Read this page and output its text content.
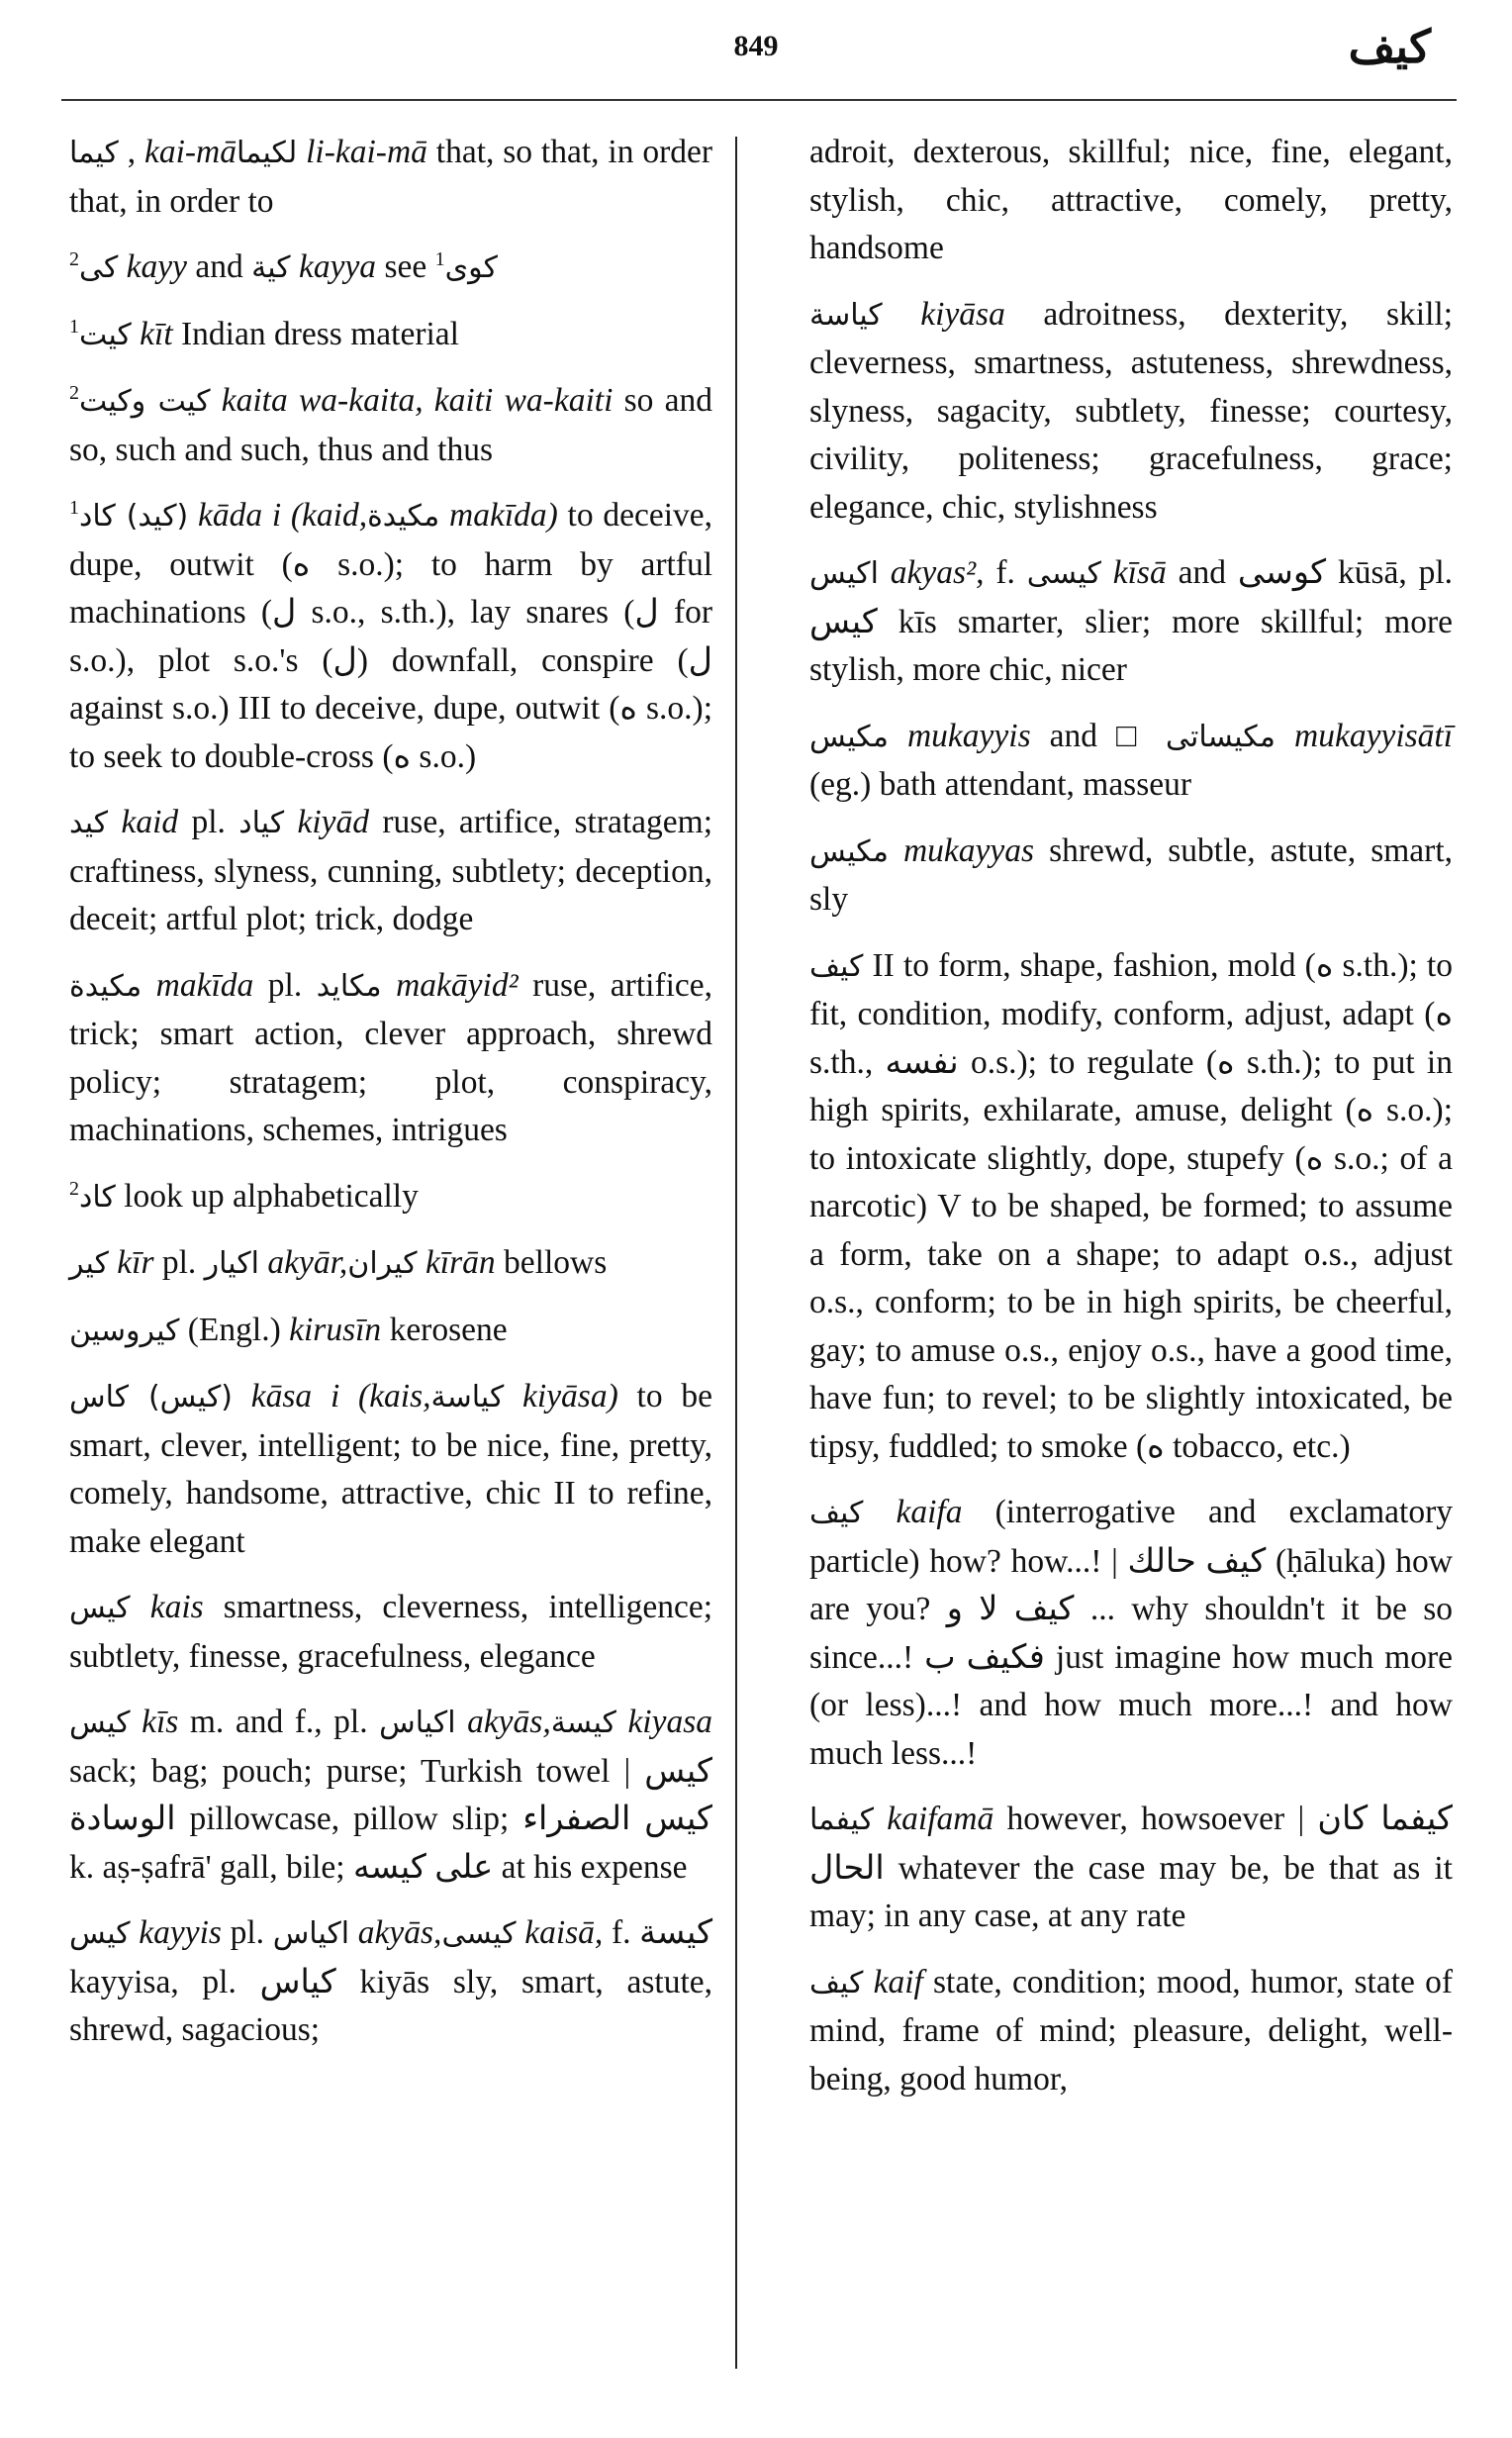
849	كيف
كيما , kai-māلكيما li-kai-mā that, so that, in order that, in order to
$^2$كى kayy and كية kayya see $^1$كوى
$^1$كيت kīt Indian dress material
$^2$كيت وكيت kaita wa-kaita, kaiti wa-kaiti so and so, such and such, thus and thus
$^1$(كيد) كاد kāda i (kaid,مكيدة makīda) to deceive, dupe, outwit (ه s.o.); to harm by artful machinations (ل s.o., s.th.), lay snares (ل for s.o.), plot s.o.'s (ل) downfall, conspire (ل against s.o.) III to deceive, dupe, outwit (ه s.o.); to seek to double-cross (ه s.o.)
كيد kaid pl. كياد kiyād ruse, artifice, stratagem; craftiness, slyness, cunning, subtlety; deception, deceit; artful plot; trick, dodge
مكيدة makīda pl. مكايد makāyid² ruse, artifice, trick; smart action, clever approach, shrewd policy; stratagem; plot, conspiracy, machinations, schemes, intrigues
$^2$كاد look up alphabetically
كير kīr pl. اكيار akyār,كيران kīrān bellows
كيروسين (Engl.) kirusīn kerosene
(كيس) كاس kāsa i (kais,كياسة kiyāsa) to be smart, clever, intelligent; to be nice, fine, pretty, comely, handsome, attractive, chic II to refine, make elegant
كيس kais smartness, cleverness, intelligence; subtlety, finesse, gracefulness, elegance
كيس kīs m. and f., pl. اكياس akyās,كيسة kiyasa sack; bag; pouch; purse; Turkish towel | كيس الوسادة pillowcase, pillow slip; كيس الصفراء k. aṣ-ṣafrā' gall, bile; على كيسه at his expense
كيس kayyis pl. اكياس akyās,كيسى kaisā, f. كيسة kayyisa, pl. كياس kiyās sly, smart, astute, shrewd, sagacious;
adroit, dexterous, skillful; nice, fine, elegant, stylish, chic, attractive, comely, pretty, handsome
كياسة kiyāsa adroitness, dexterity, skill; cleverness, smartness, astuteness, shrewdness, slyness, sagacity, subtlety, finesse; courtesy, civility, politeness; gracefulness, grace; elegance, chic, stylishness
اكيس akyas², f. كيسى kīsā and كوسى kūsā, pl. كيس kīs smarter, slier; more skillful; more stylish, more chic, nicer
مكيس mukayyis and □ مكيساتى mukayyisātī (eg.) bath attendant, masseur
مكيس mukayyas shrewd, subtle, astute, smart, sly
كيف II to form, shape, fashion, mold (ه s.th.); to fit, condition, modify, conform, adjust, adapt (ه s.th., نفسه o.s.); to regulate (ه s.th.); to put in high spirits, exhilarate, amuse, delight (ه s.o.); to intoxicate slightly, dope, stupefy (ه s.o.; of a narcotic) V to be shaped, be formed; to assume a form, take on a shape; to adapt o.s., adjust o.s., conform; to be in high spirits, be cheerful, gay; to amuse o.s., enjoy o.s., have a good time, have fun; to revel; to be slightly intoxicated, be tipsy, fuddled; to smoke (ه tobacco, etc.)
كيف kaifa (interrogative and exclamatory particle) how? how...! | كيف حالك (ḥāluka) how are you? كيف لا و ... why shouldn't it be so since...! فكيف ب just imagine how much more (or less)...! and how much more...! and how much less...!
كيفما kaifamā however, howsoever | كيفما كان الحال whatever the case may be, be that as it may; in any case, at any rate
كيف kaif state, condition; mood, humor, state of mind, frame of mind; pleasure, delight, well-being, good humor,
